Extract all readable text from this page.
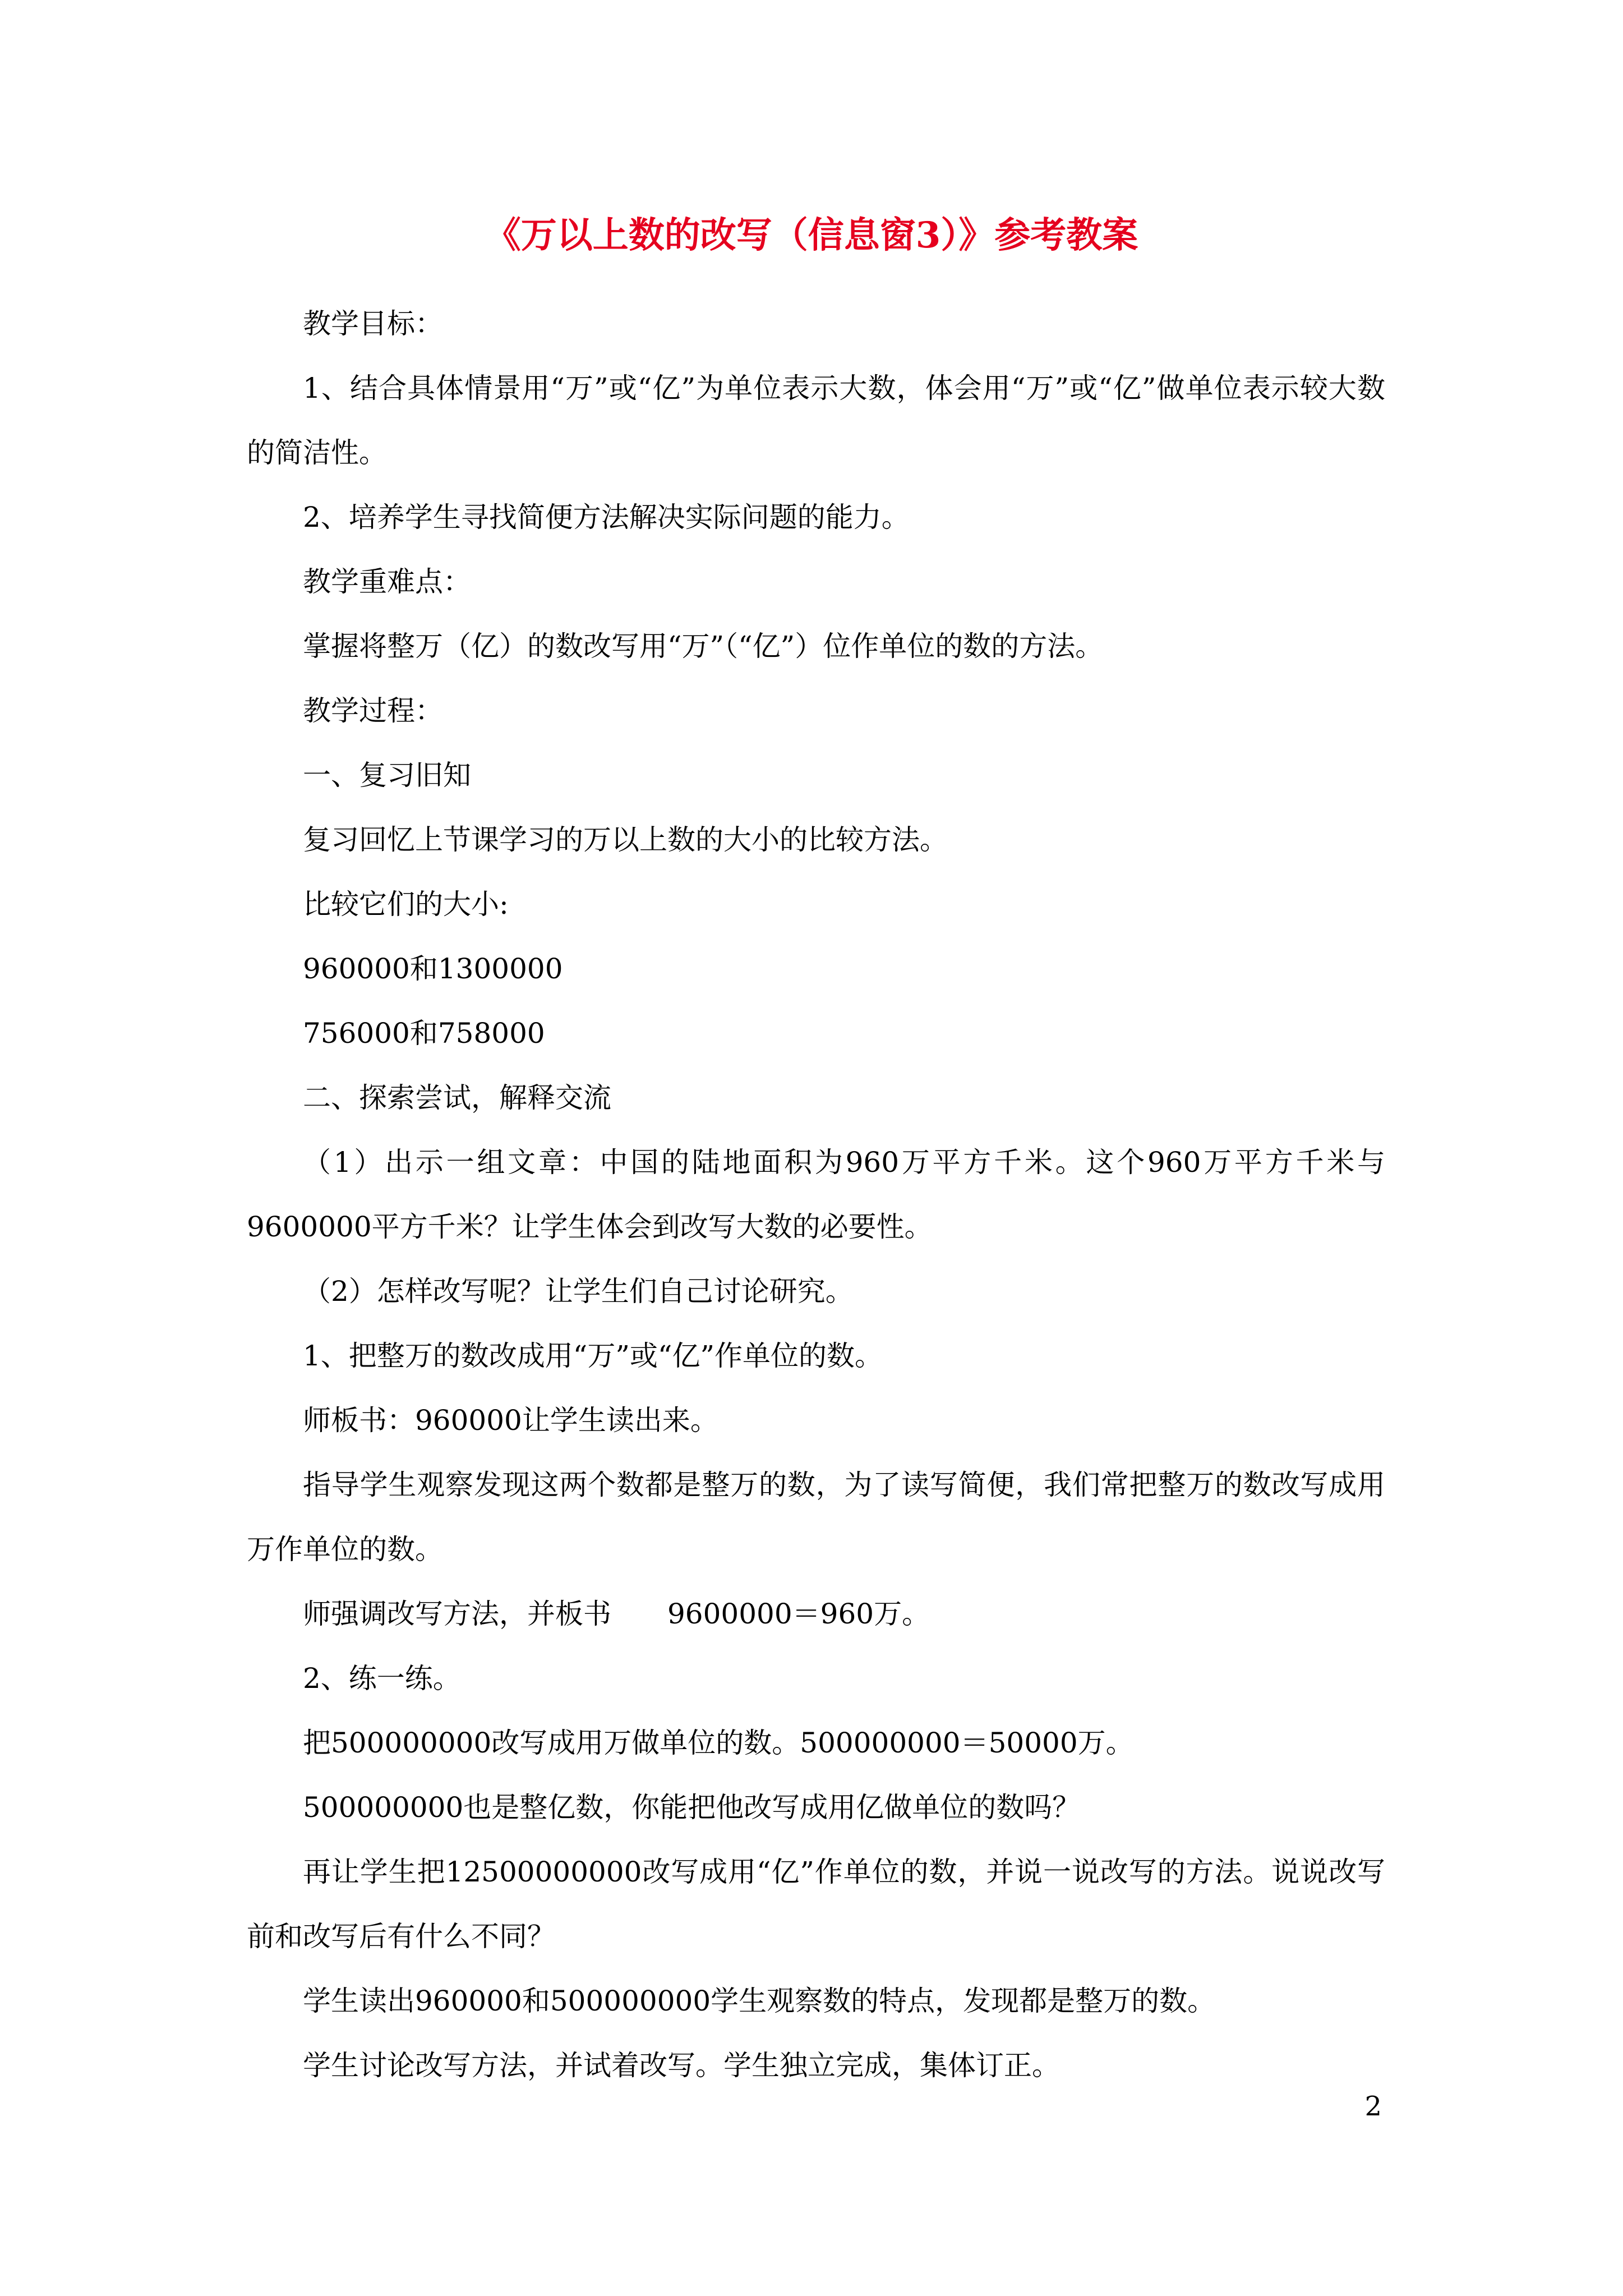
《万以上数的改写（信息窗3）》参考教案

教学目标：

1、结合具体情景用“万”或“亿”为单位表示大数，体会用“万”或“亿”做单位表示较大数的简洁性。

2、培养学生寻找简便方法解决实际问题的能力。

教学重难点：

掌握将整万（亿）的数改写用“万”（“亿”）位作单位的数的方法。

教学过程：

一、复习旧知

复习回忆上节课学习的万以上数的大小的比较方法。

比较它们的大小:

960000和1300000

756000和758000

二、探索尝试，解释交流

（1）出示一组文章：中国的陆地面积为960万平方千米。这个960万平方千米与9600000平方千米？让学生体会到改写大数的必要性。

（2）怎样改写呢？让学生们自己讨论研究。

1、把整万的数改成用“万”或“亿”作单位的数。

师板书：960000让学生读出来。

指导学生观察发现这两个数都是整万的数，为了读写简便，我们常把整万的数改写成用万作单位的数。

师强调改写方法，并板书　　9600000＝960万。

2、练一练。

把500000000改写成用万做单位的数。500000000＝50000万。

500000000也是整亿数，你能把他改写成用亿做单位的数吗？

再让学生把12500000000改写成用“亿”作单位的数，并说一说改写的方法。说说改写前和改写后有什么不同？

学生读出960000和500000000学生观察数的特点，发现都是整万的数。

学生讨论改写方法，并试着改写。学生独立完成，集体订正。

2
